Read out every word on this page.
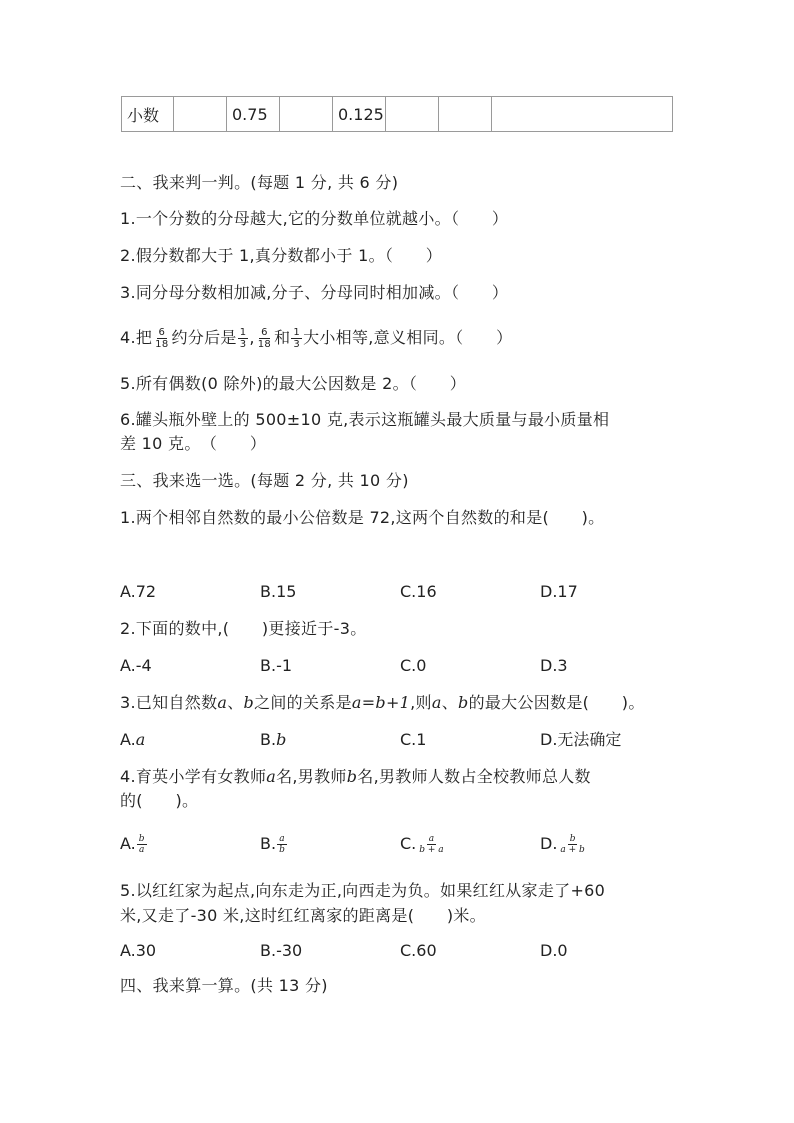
小数		0.75		0.125			
二、我来判一判。(每题 1 分, 共 6 分)
1.一个分数的分母越大,它的分数单位就越小。（　　）
2.假分数都大于 1,真分数都小于 1。（　　）
3.同分母分数相加减,分子、分母同时相加减。（　　）
4.把 $\frac{6}{18}$ 约分后是 $\frac{1}{3}$ , $\frac{6}{18}$ 和 $\frac{1}{3}$ 大小相等,意义相同。（　　）
5.所有偶数(0 除外)的最大公因数是 2。（　　）
6.罐头瓶外壁上的 500±10 克,表示这瓶罐头最大质量与最小质量相
差 10 克。　（　　）
三、我来选一选。(每题 2 分, 共 10 分)
1.两个相邻自然数的最小公倍数是 72,这两个自然数的和是(　　)。
A.72	B.15	C.16	D.17
2.下面的数中,(　　)更接近于-3。
A.-4	B.-1	C.0	D.3
3.已知自然数a、b之间的关系是a=b+1,则a、b的最大公因数是(　　)。
A.a	B.b	C.1	D.无法确定
4.育英小学有女教师a名,男教师b名,男教师人数占全校教师总人数
的(　　)。
A. $\frac{b}{a}$	B. $\frac{a}{b}$	C. $\frac{a}{b + a}$	D. $\frac{b}{a + b}$
5.以红红家为起点,向东走为正,向西走为负。如果红红从家走了+60
米,又走了-30 米,这时红红离家的距离是(　　)米。
A.30	B.-30	C.60	D.0
四、我来算一算。(共 13 分)
